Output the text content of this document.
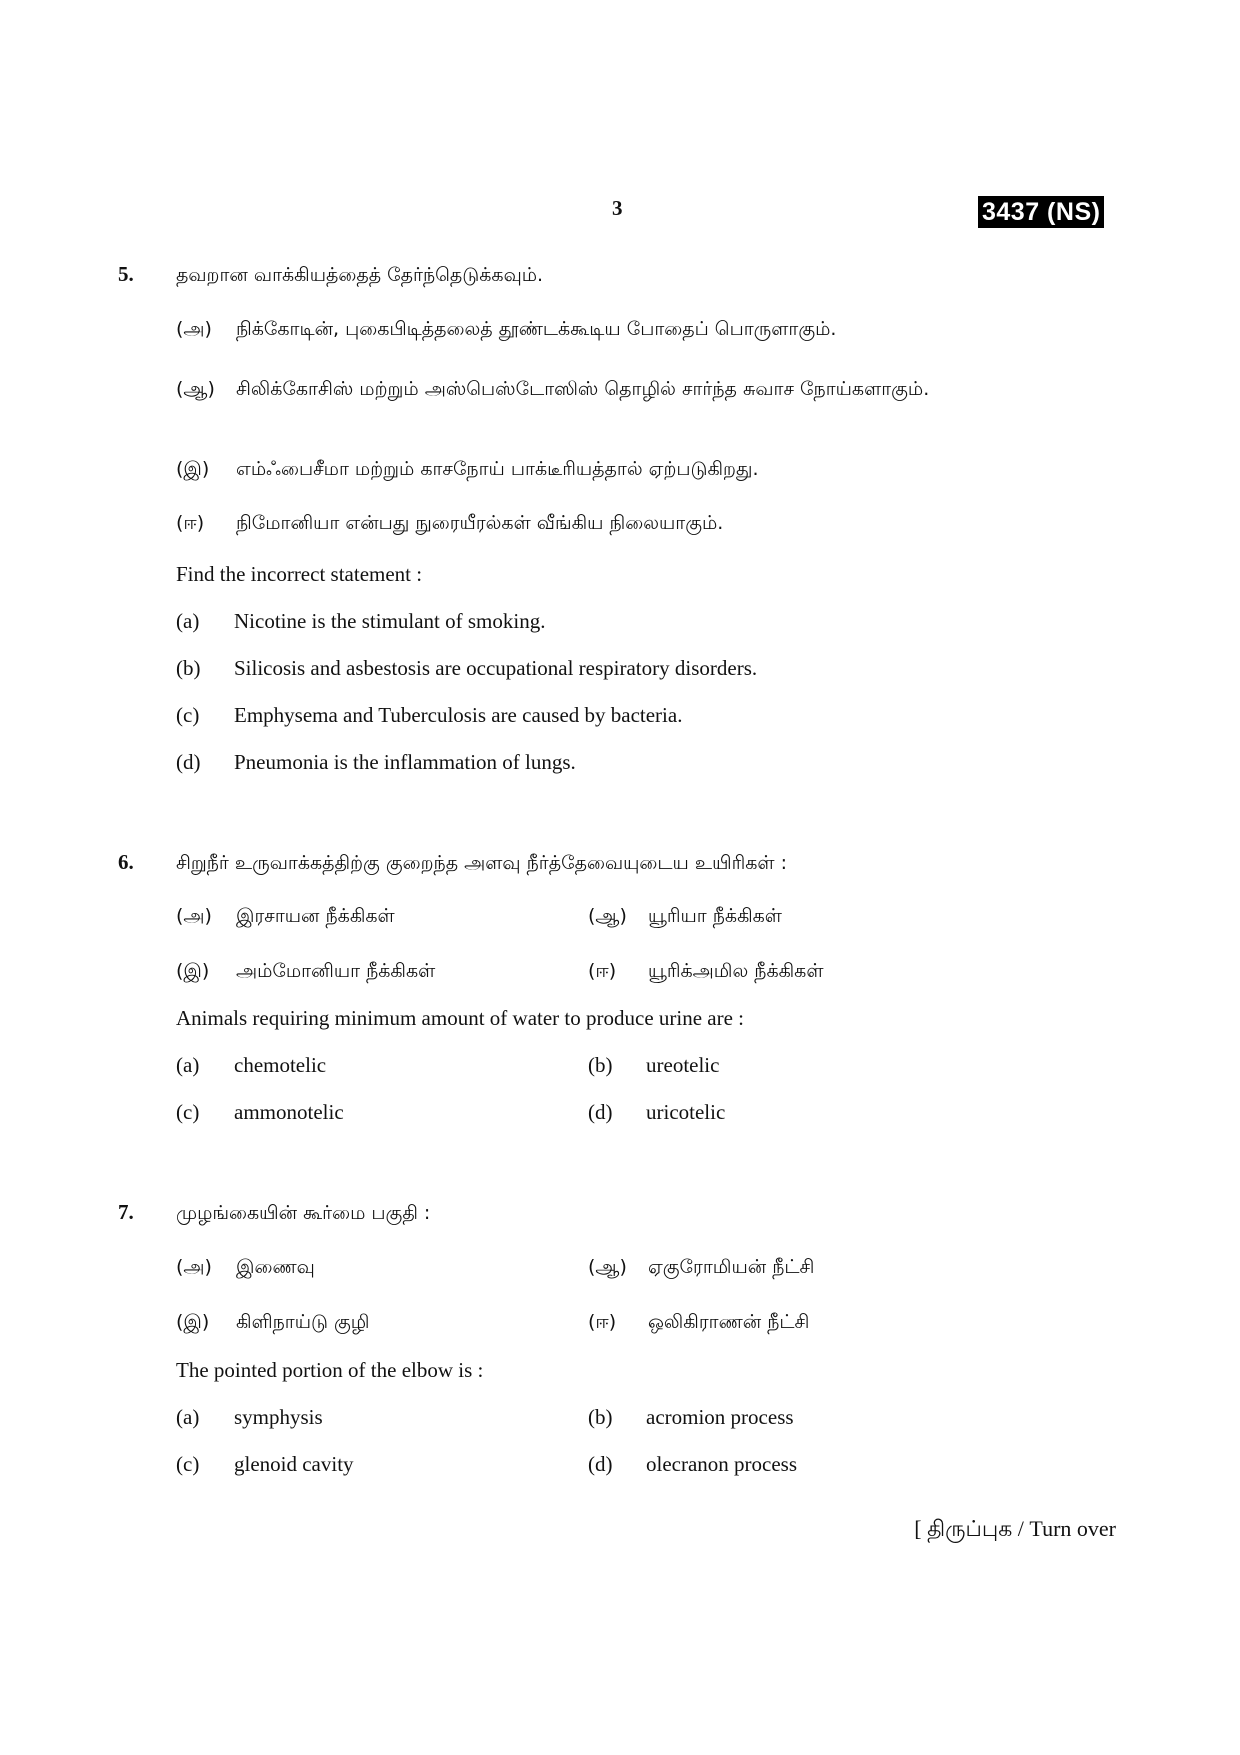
3	3437 (NS)
5. தவறான வாக்கியத்தைத் தேர்ந்தெடுக்கவும்.
(அ) நிக்கோடின், புகைபிடித்தலைத் தூண்டக்கூடிய போதைப் பொருளாகும்.
(ஆ)	சிலிக்கோசிஸ் மற்றும் அஸ்பெஸ்டோஸிஸ் தொழில் சார்ந்த சுவாச நோய்களாகும்.
(இ) எம்ஃபைசீமா மற்றும் காசநோய் பாக்டீரியத்தால் ஏற்படுகிறது.
(ஈ) நிமோனியா என்பது நுரையீரல்கள் வீங்கிய நிலையாகும்.
Find the incorrect statement :
(a) Nicotine is the stimulant of smoking.
(b) Silicosis and asbestosis are occupational respiratory disorders.
(c) Emphysema and Tuberculosis are caused by bacteria.
(d) Pneumonia is the inflammation of lungs.
6. சிறுநீர் உருவாக்கத்திற்கு குறைந்த அளவு நீர்த்தேவையுடைய உயிரிகள் :
(அ) இரசாயன நீக்கிகள்	(ஆ) யூரியா நீக்கிகள்
(இ) அம்மோனியா நீக்கிகள்	(ஈ) யூரிக்அமில நீக்கிகள்
Animals requiring minimum amount of water to produce urine are :
(a) chemotelic	(b) ureotelic
(c) ammonotelic	(d) uricotelic
7. முழங்கையின் கூர்மை பகுதி :
(அ) இணைவு	(ஆ) ஏகுரோமியன் நீட்சி
(இ) கிளிநாய்டு குழி	(ஈ) ஒலிகிராணன் நீட்சி
The pointed portion of the elbow is :
(a) symphysis	(b) acromion process
(c) glenoid cavity	(d) olecranon process
[ திருப்புக / Turn over
